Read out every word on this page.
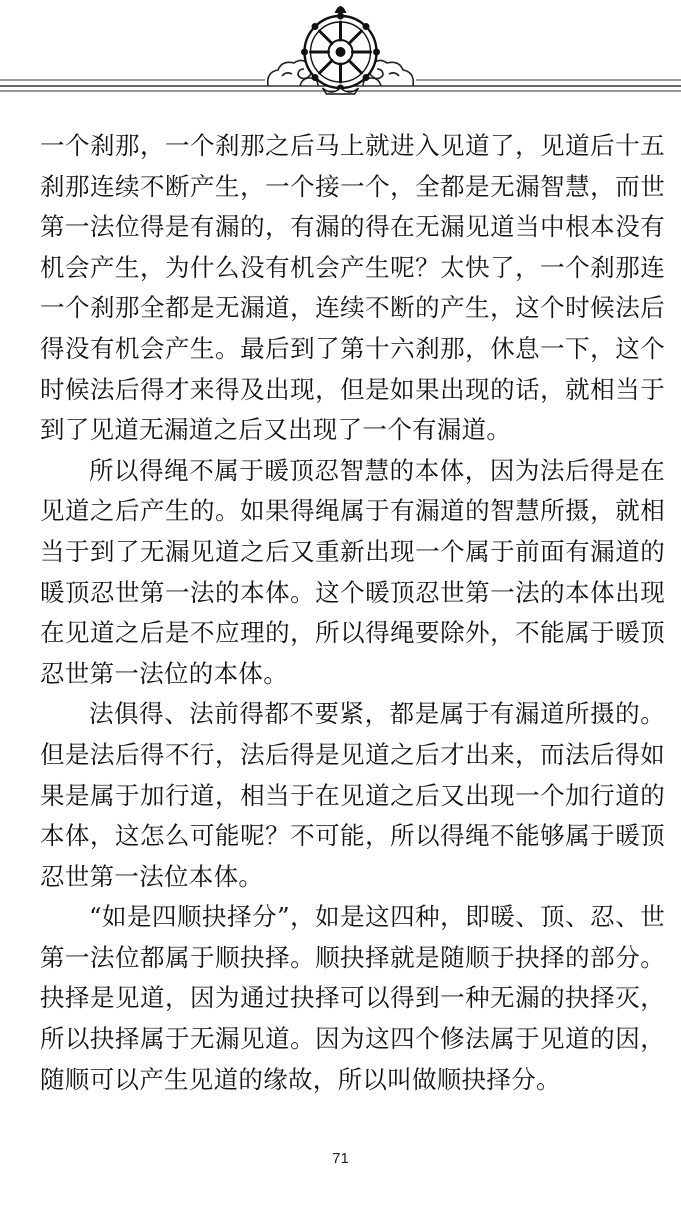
一个刹那，一个刹那之后马上就进入见道了，见道后十五刹那连续不断产生，一个接一个，全都是无漏智慧，而世第一法位得是有漏的，有漏的得在无漏见道当中根本没有机会产生，为什么没有机会产生呢？太快了，一个刹那连一个刹那全都是无漏道，连续不断的产生，这个时候法后得没有机会产生。最后到了第十六刹那，休息一下，这个时候法后得才来得及出现，但是如果出现的话，就相当于到了见道无漏道之后又出现了一个有漏道。

所以得绳不属于暖顶忍智慧的本体，因为法后得是在见道之后产生的。如果得绳属于有漏道的智慧所摄，就相当于到了无漏见道之后又重新出现一个属于前面有漏道的暖顶忍世第一法的本体。这个暖顶忍世第一法的本体出现在见道之后是不应理的，所以得绳要除外，不能属于暖顶忍世第一法位的本体。

法俱得、法前得都不要紧，都是属于有漏道所摄的。但是法后得不行，法后得是见道之后才出来，而法后得如果是属于加行道，相当于在见道之后又出现一个加行道的本体，这怎么可能呢？不可能，所以得绳不能够属于暖顶忍世第一法位本体。

“如是四顺抉择分”，如是这四种，即暖、顶、忍、世第一法位都属于顺抉择。顺抉择就是随顺于抉择的部分。抉择是见道，因为通过抉择可以得到一种无漏的抉择灭，所以抉择属于无漏见道。因为这四个修法属于见道的因，随顺可以产生见道的缘故，所以叫做顺抉择分。

71
